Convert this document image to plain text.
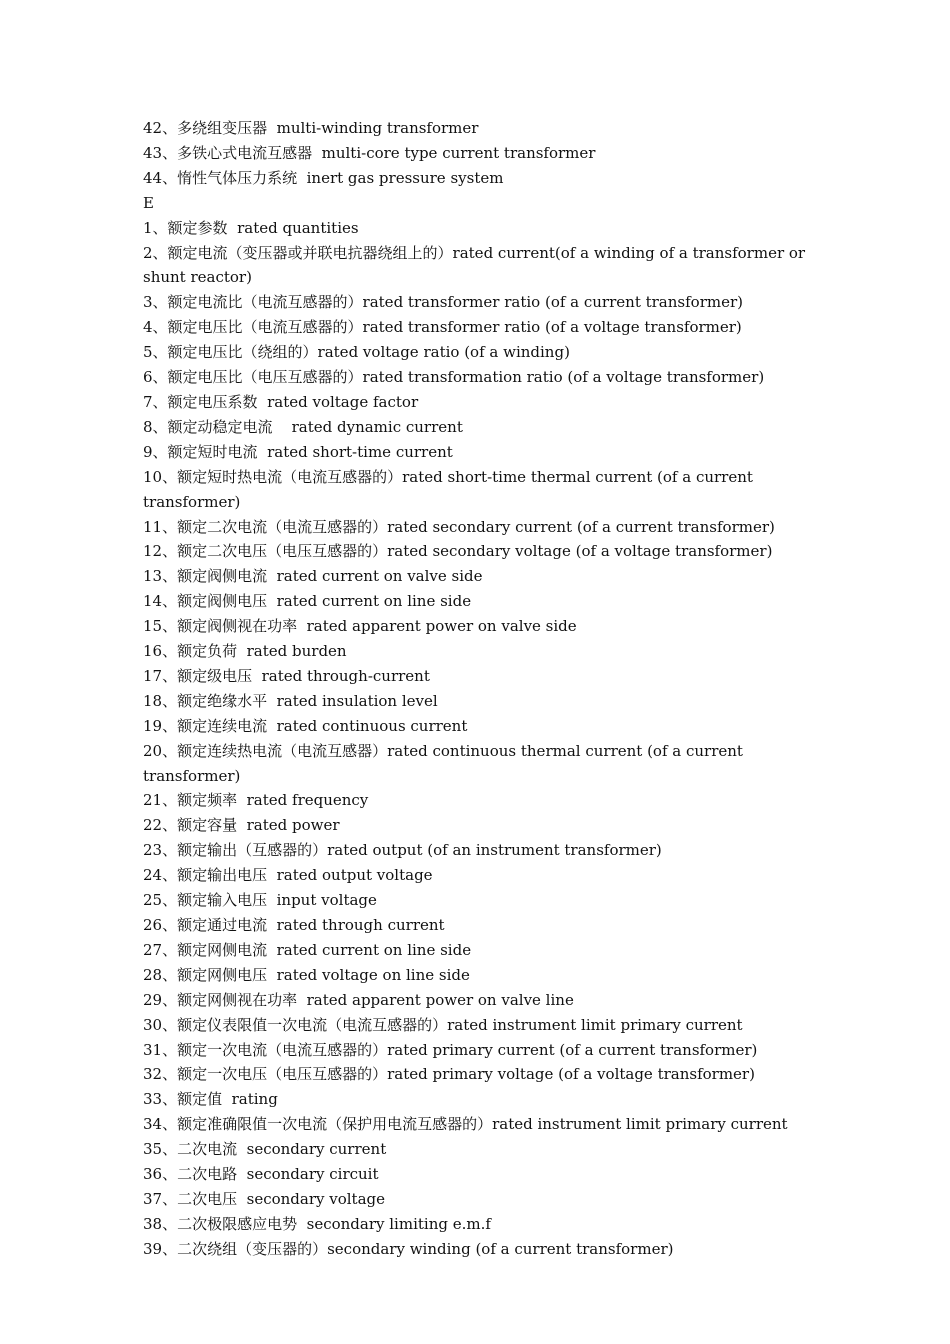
42、多绕组变压器  multi-winding transformer
43、多铁心式电流互感器  multi-core type current transformer
44、惰性气体压力系统  inert gas pressure system
E
1、额定参数  rated quantities
2、额定电流（变压器或并联电抗器绕组上的）rated current(of a winding of a transformer or
shunt reactor)
3、额定电流比（电流互感器的）rated transformer ratio (of a current transformer)
4、额定电压比（电流互感器的）rated transformer ratio (of a voltage transformer)
5、额定电压比（绕组的）rated voltage ratio (of a winding)
6、额定电压比（电压互感器的）rated transformation ratio (of a voltage transformer)
7、额定电压系数  rated voltage factor
8、额定动稳定电流    rated dynamic current
9、额定短时电流  rated short-time current
10、额定短时热电流（电流互感器的）rated short-time thermal current (of a current transformer)
11、额定二次电流（电流互感器的）rated secondary current (of a current transformer)
12、额定二次电压（电压互感器的）rated secondary voltage (of a voltage transformer)
13、额定阀侧电流  rated current on valve side
14、额定阀侧电压  rated current on line side
15、额定阀侧视在功率  rated apparent power on valve side
16、额定负荷  rated burden
17、额定级电压  rated through-current
18、额定绝缘水平  rated insulation level
19、额定连续电流  rated continuous current
20、额定连续热电流（电流互感器）rated continuous thermal current (of a current transformer)
21、额定频率  rated frequency
22、额定容量  rated power
23、额定输出（互感器的）rated output (of an instrument transformer)
24、额定输出电压  rated output voltage
25、额定输入电压  input voltage
26、额定通过电流  rated through current
27、额定网侧电流  rated current on line side
28、额定网侧电压  rated voltage on line side
29、额定网侧视在功率  rated apparent power on valve line
30、额定仪表限值一次电流（电流互感器的）rated instrument limit primary current
31、额定一次电流（电流互感器的）rated primary current (of a current transformer)
32、额定一次电压（电压互感器的）rated primary voltage (of a voltage transformer)
33、额定值  rating
34、额定准确限值一次电流（保护用电流互感器的）rated instrument limit primary current
35、二次电流  secondary current
36、二次电路  secondary circuit
37、二次电压  secondary voltage
38、二次极限感应电势  secondary limiting e.m.f
39、二次绕组（变压器的）secondary winding (of a current transformer)
